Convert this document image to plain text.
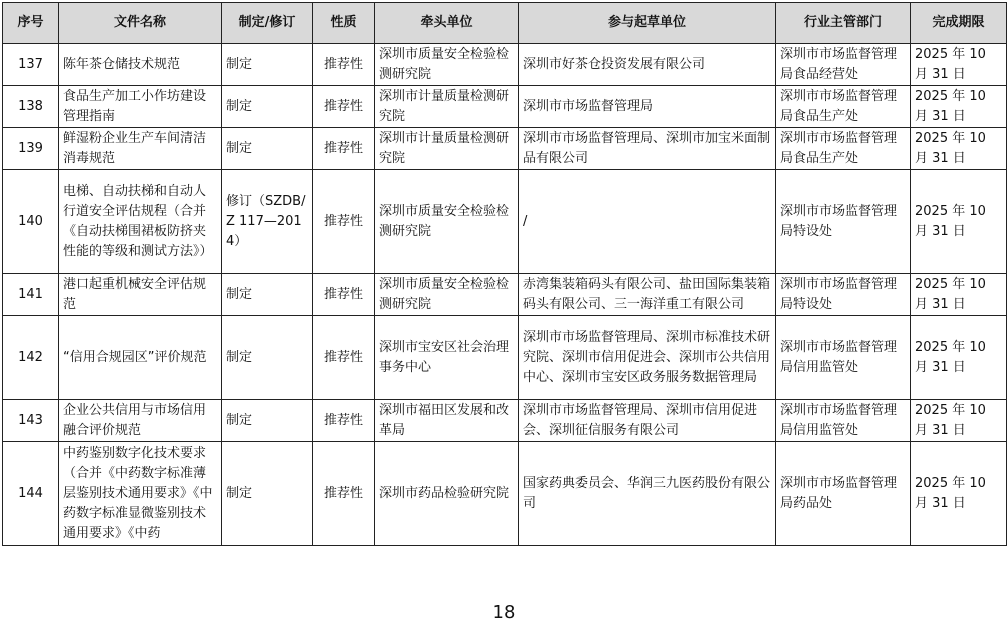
序号	文件名称	制定/修订	性质	牵头单位	参与起草单位	行业主管部门	完成期限

137	陈年茶仓储技术规范	制定	推荐性	深圳市质量安全检验检测研究院	深圳市好茶仓投资发展有限公司	深圳市市场监督管理局食品经营处	2025 年 10 月 31 日

138	食品生产加工小作坊建设管理指南	制定	推荐性	深圳市计量质量检测研究院	深圳市市场监督管理局	深圳市市场监督管理局食品生产处	2025 年 10 月 31 日

139	鲜湿粉企业生产车间清洁消毒规范	制定	推荐性	深圳市计量质量检测研究院	深圳市市场监督管理局、深圳市加宝米面制品有限公司	深圳市市场监督管理局食品生产处	2025 年 10 月 31 日

140	电梯、自动扶梯和自动人行道安全评估规程（合并《自动扶梯围裙板防挤夹性能的等级和测试方法》）	修订（SZDB/Z 117—2014）	推荐性	深圳市质量安全检验检测研究院	/	深圳市市场监督管理局特设处	2025 年 10 月 31 日

141	港口起重机械安全评估规范	制定	推荐性	深圳市质量安全检验检测研究院	赤湾集装箱码头有限公司、盐田国际集装箱码头有限公司、三一海洋重工有限公司	深圳市市场监督管理局特设处	2025 年 10 月 31 日

142	“信用合规园区”评价规范	制定	推荐性	深圳市宝安区社会治理事务中心	深圳市市场监督管理局、深圳市标准技术研究院、深圳市信用促进会、深圳市公共信用中心、深圳市宝安区政务服务数据管理局	深圳市市场监督管理局信用监管处	2025 年 10 月 31 日

143	企业公共信用与市场信用融合评价规范	制定	推荐性	深圳市福田区发展和改革局	深圳市市场监督管理局、深圳市信用促进会、深圳征信服务有限公司	深圳市市场监督管理局信用监管处	2025 年 10 月 31 日

144	中药鉴别数字化技术要求（合并《中药数字标准薄层鉴别技术通用要求》《中药数字标准显微鉴别技术通用要求》《中药	制定	推荐性	深圳市药品检验研究院	国家药典委员会、华润三九医药股份有限公司	深圳市市场监督管理局药品处	2025 年 10 月 31 日
18
